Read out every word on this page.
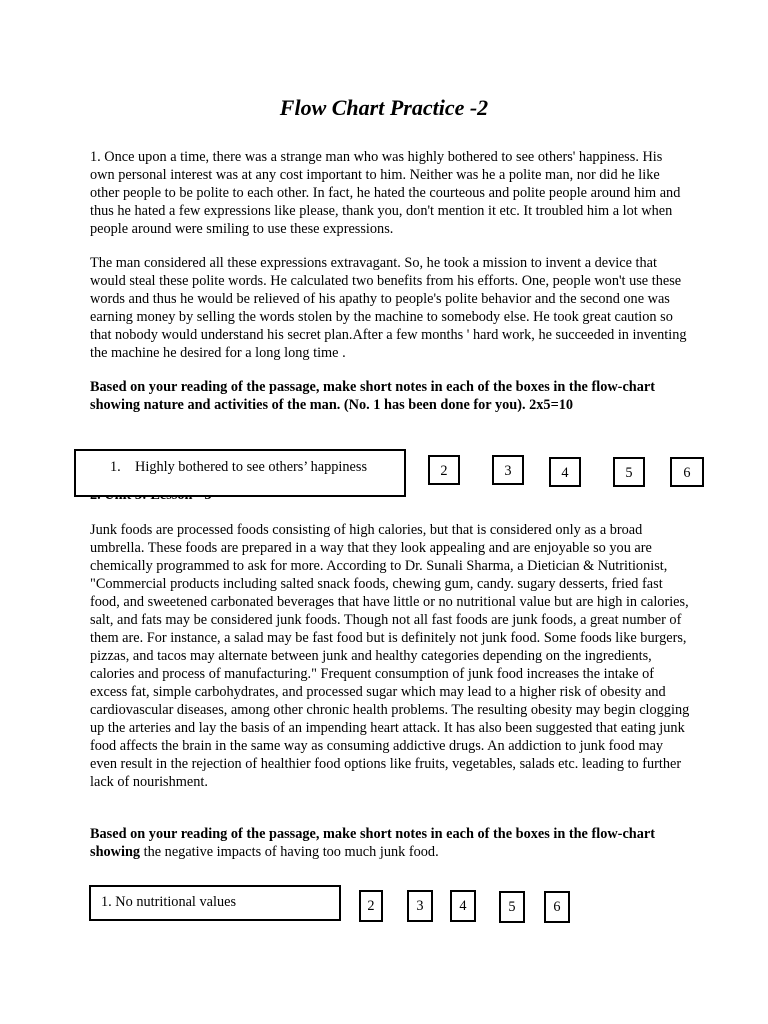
Flow Chart Practice -2

1. Once upon a time, there was a strange man who was highly bothered to see others' happiness. His own personal interest was at any cost important to him. Neither was he a polite man, nor did he like other people to be polite to each other. In fact, he hated the courteous and polite people around him and thus he hated a few expressions like please, thank you, don't mention it etc. It troubled him a lot when people around were smiling to use these expressions.

The man considered all these expressions extravagant. So, he took a mission to invent a device that would steal these polite words. He calculated two benefits from his efforts. One, people won't use these words and thus he would be relieved of his apathy to people's polite behavior and the second one was earning money by selling the words stolen by the machine to somebody else. He took great caution so that nobody would understand his secret plan.After a few months ' hard work, he succeeded in inventing the machine he desired for a long long time .

Based on your reading of the passage, make short notes in each of the boxes in the flow-chart showing nature and activities of the man. (No. 1 has been done for you). 2x5=10

1.    Highly bothered to see others’ happiness	2	3	4	5	6

Junk foods are processed foods consisting of high calories, but that is considered only as a broad umbrella. These foods are prepared in a way that they look appealing and are enjoyable so you are chemically programmed to ask for more. According to Dr. Sunali Sharma, a Dietician & Nutritionist, "Commercial products including salted snack foods, chewing gum, candy. sugary desserts, fried fast food, and sweetened carbonated beverages that have little or no nutritional value but are high in calories, salt, and fats may be considered junk foods. Though not all fast foods are junk foods, a great number of them are. For instance, a salad may be fast food but is definitely not junk food. Some foods like burgers, pizzas, and tacos may alternate between junk and healthy categories depending on the ingredients, calories and process of manufacturing." Frequent consumption of junk food increases the intake of excess fat, simple carbohydrates, and processed sugar which may lead to a higher risk of obesity and cardiovascular diseases, among other chronic health problems. The resulting obesity may begin clogging up the arteries and lay the basis of an impending heart attack. It has also been suggested that eating junk food affects the brain in the same way as consuming addictive drugs. An addiction to junk food may even result in the rejection of healthier food options like fruits, vegetables, salads etc. leading to further lack of nourishment.

Based on your reading of the passage, make short notes in each of the boxes in the flow-chart showing the negative impacts of having too much junk food.

1. No nutritional values	2	3	4	5	6
